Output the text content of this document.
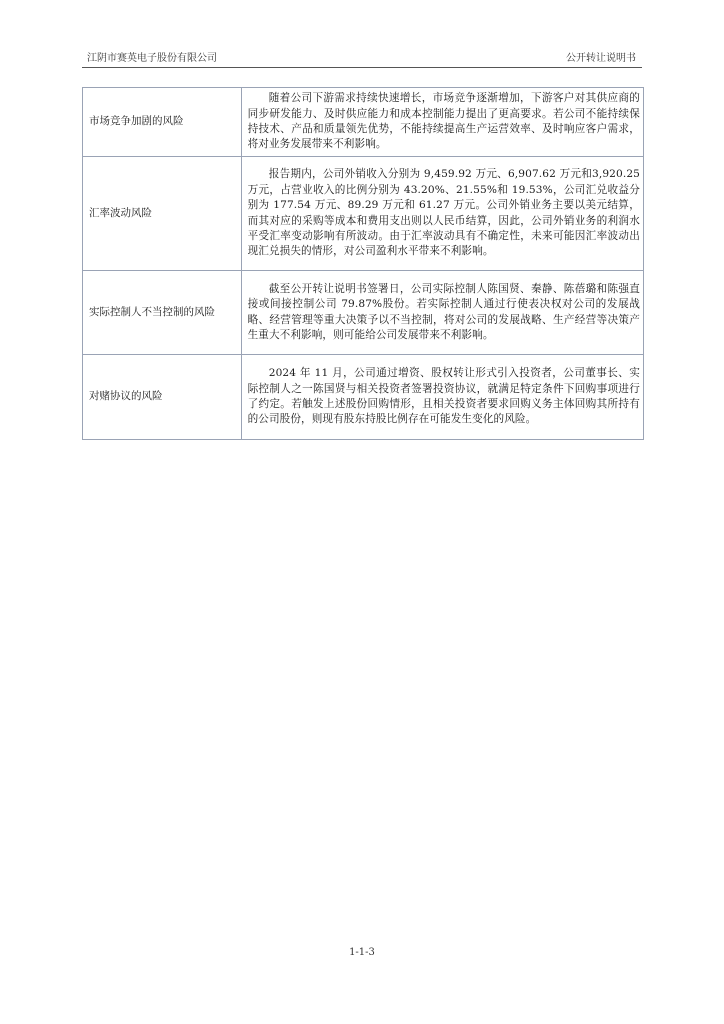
江阴市赛英电子股份有限公司	公开转让说明书
市场竞争加剧的风险	随着公司下游需求持续快速增长，市场竞争逐渐增加，下游客户对其供应商的同步研发能力、及时供应能力和成本控制能力提出了更高要求。若公司不能持续保持技术、产品和质量领先优势，不能持续提高生产运营效率、及时响应客户需求，将对业务发展带来不利影响。
汇率波动风险	报告期内，公司外销收入分别为 9,459.92 万元、6,907.62 万元和3,920.25 万元，占营业收入的比例分别为 43.20%、21.55%和 19.53%，公司汇兑收益分别为 177.54 万元、89.29 万元和 61.27 万元。公司外销业务主要以美元结算，而其对应的采购等成本和费用支出则以人民币结算，因此，公司外销业务的利润水平受汇率变动影响有所波动。由于汇率波动具有不确定性，未来可能因汇率波动出现汇兑损失的情形，对公司盈利水平带来不利影响。
实际控制人不当控制的风险	截至公开转让说明书签署日，公司实际控制人陈国贤、秦静、陈蓓璐和陈强直接或间接控制公司 79.87%股份。若实际控制人通过行使表决权对公司的发展战略、经营管理等重大决策予以不当控制，将对公司的发展战略、生产经营等决策产生重大不利影响，则可能给公司发展带来不利影响。
对赌协议的风险	2024 年 11 月，公司通过增资、股权转让形式引入投资者，公司董事长、实际控制人之一陈国贤与相关投资者签署投资协议，就满足特定条件下回购事项进行了约定。若触发上述股份回购情形，且相关投资者要求回购义务主体回购其所持有的公司股份，则现有股东持股比例存在可能发生变化的风险。
1-1-3
